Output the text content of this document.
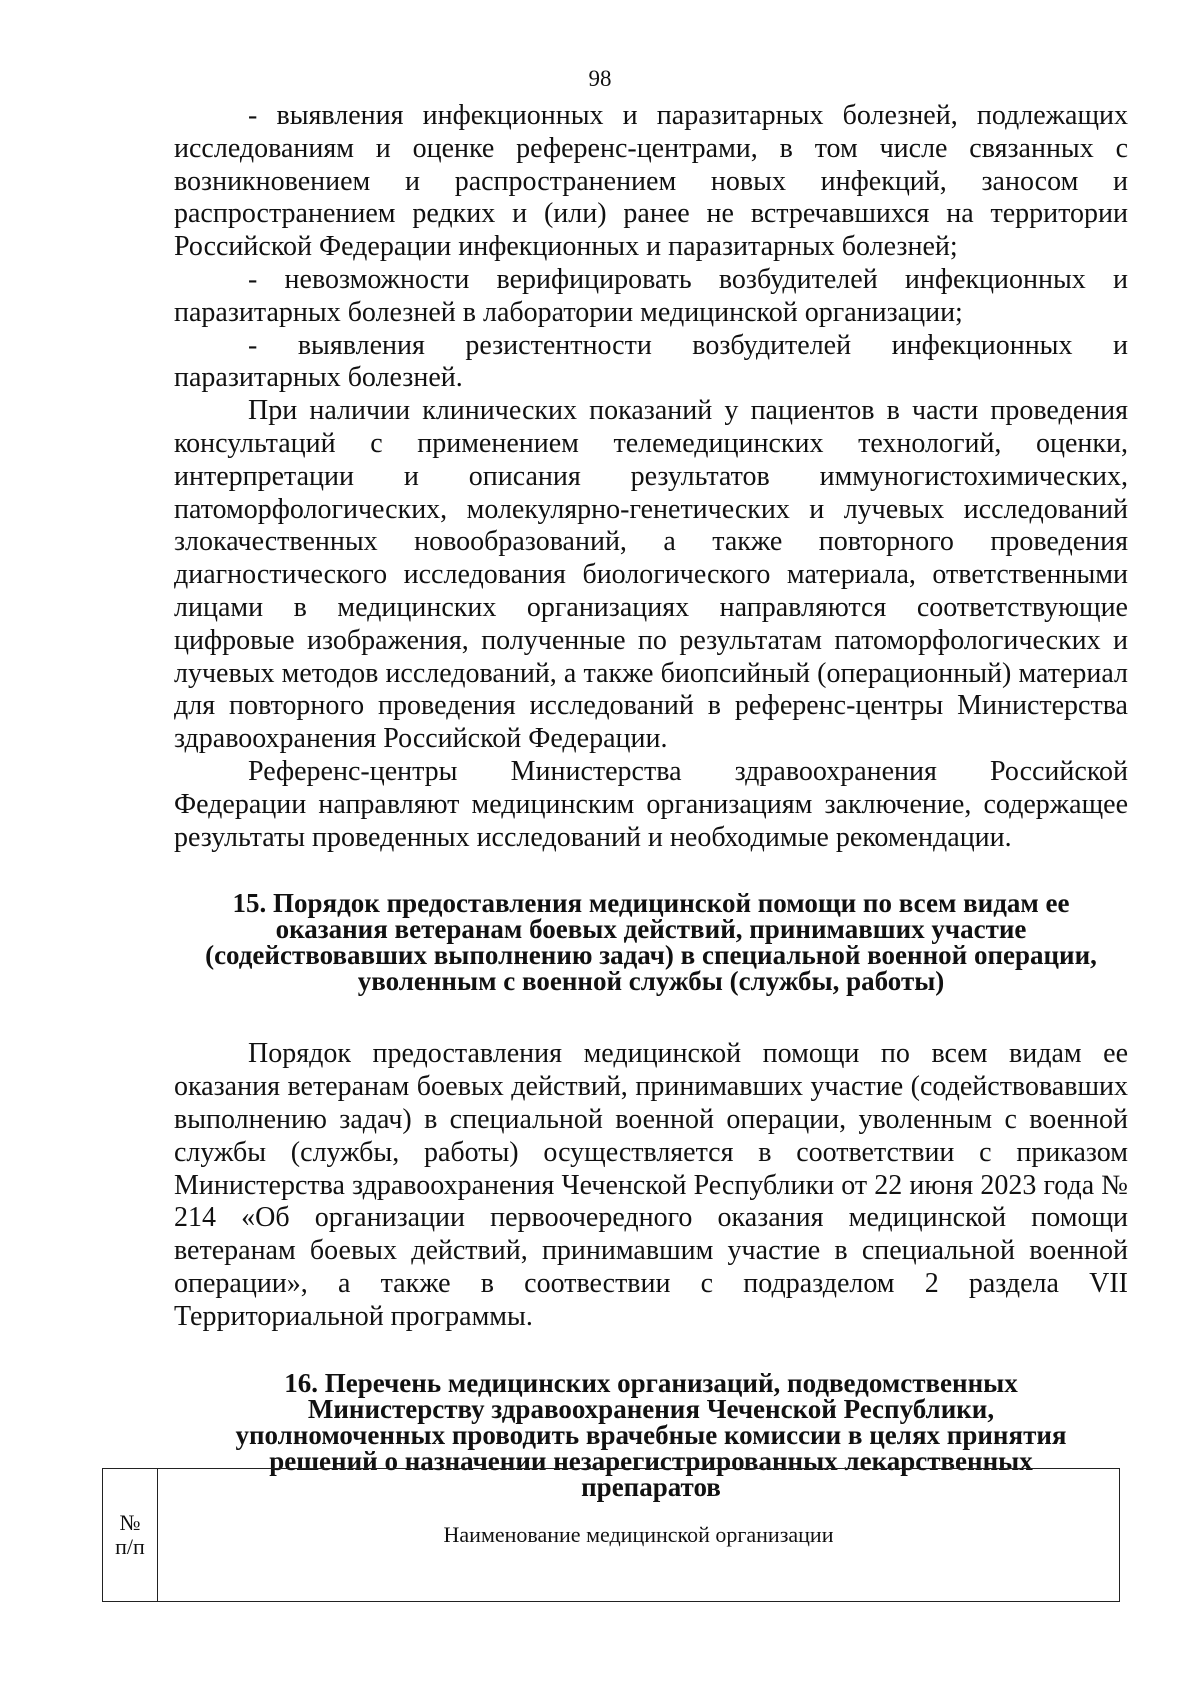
98

- выявления инфекционных и паразитарных болезней, подлежащих исследованиям и оценке референс-центрами, в том числе связанных с возникновением и распространением новых инфекций, заносом и распространением редких и (или) ранее не встречавшихся на территории Российской Федерации инфекционных и паразитарных болезней;

- невозможности верифицировать возбудителей инфекционных и паразитарных болезней в лаборатории медицинской организации;

- выявления резистентности возбудителей инфекционных и паразитарных болезней.

При наличии клинических показаний у пациентов в части проведения консультаций с применением телемедицинских технологий, оценки, интерпретации и описания результатов иммуногистохимических, патоморфологических, молекулярно-генетических и лучевых исследований злокачественных новообразований, а также повторного проведения диагностического исследования биологического материала, ответственными лицами в медицинских организациях направляются соответствующие цифровые изображения, полученные по результатам патоморфологических и лучевых методов исследований, а также биопсийный (операционный) материал для повторного проведения исследований в референс-центры Министерства здравоохранения Российской Федерации.

Референс-центры Министерства здравоохранения Российской Федерации направляют медицинским организациям заключение, содержащее результаты проведенных исследований и необходимые рекомендации.

15. Порядок предоставления медицинской помощи по всем видам ее
оказания ветеранам боевых действий, принимавших участие
(содействовавших выполнению задач) в специальной военной операции,
уволенным с военной службы (службы, работы)

Порядок предоставления медицинской помощи по всем видам ее оказания ветеранам боевых действий, принимавших участие (содействовавших выполнению задач) в специальной военной операции, уволенным с военной службы (службы, работы) осуществляется в соответствии с приказом Министерства здравоохранения Чеченской Республики от 22 июня 2023 года № 214 «Об организации первоочередного оказания медицинской помощи ветеранам боевых действий, принимавшим участие в специальной военной операции», а также в соотвествии с подразделом 2 раздела VII Территориальной программы.

16. Перечень медицинских организаций, подведомственных
Министерству здравоохранения Чеченской Республики,
уполномоченных проводить врачебные комиссии в целях принятия
решений о назначении незарегистрированных лекарственных
препаратов
№
п/п	Наименование медицинской организации
